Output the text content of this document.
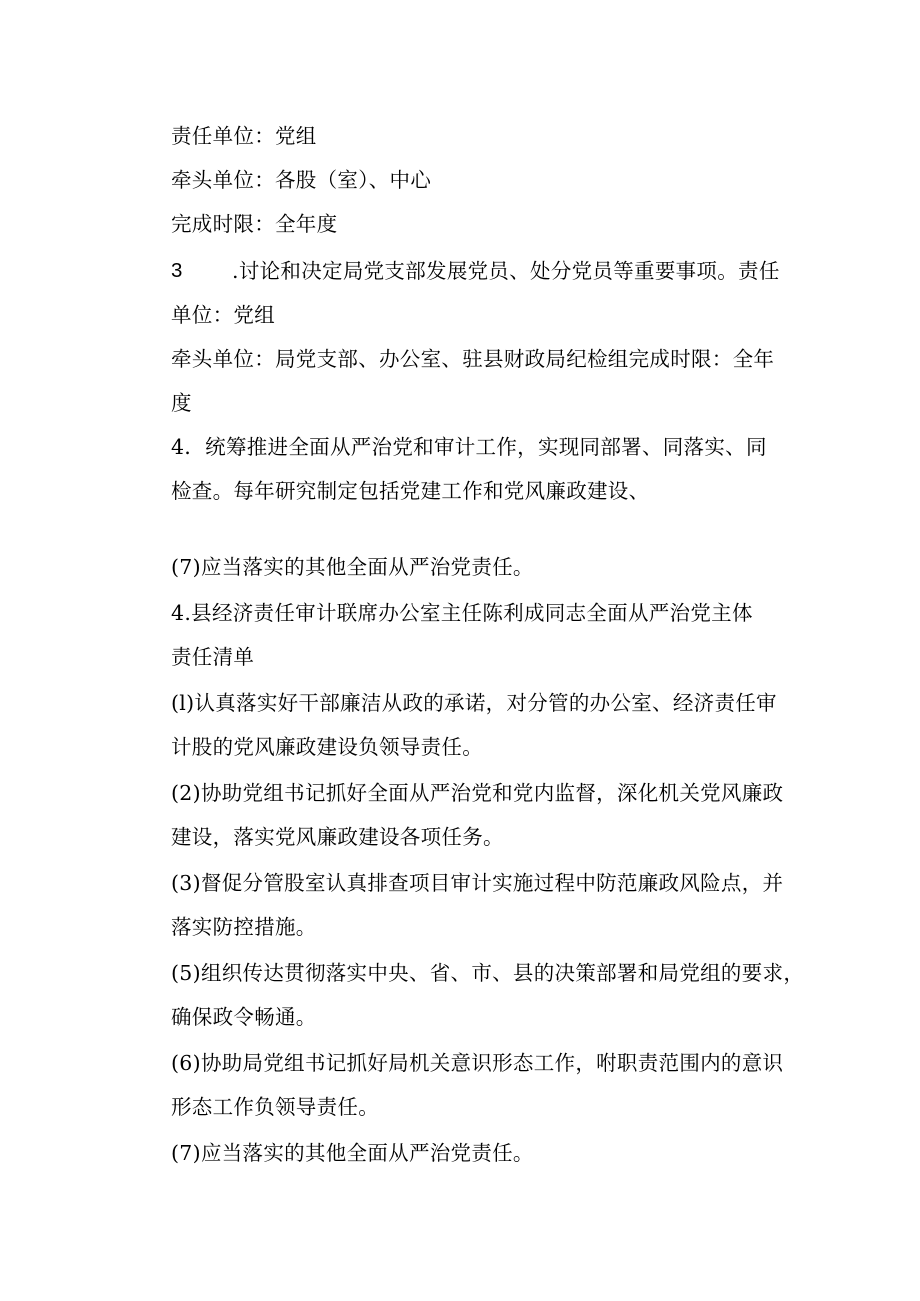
责任单位：党组
牵头单位：各股（室）、中心
完成时限：全年度
3 .讨论和决定局党支部发展党员、处分党员等重要事项。责任
单位：党组
牵头单位：局党支部、办公室、驻县财政局纪检组完成时限：全年
度
4．统筹推进全面从严治党和审计工作，实现同部署、同落实、同
检查。每年研究制定包括党建工作和党风廉政建设、
(7)应当落实的其他全面从严治党责任。
4.县经济责任审计联席办公室主任陈利成同志全面从严治党主体
责任清单
(l)认真落实好干部廉洁从政的承诺，对分管的办公室、经济责任审
计股的党风廉政建设负领导责任。
(2)协助党组书记抓好全面从严治党和党内监督，深化机关党风廉政
建设，落实党风廉政建设各项任务。
(3)督促分管股室认真排查项目审计实施过程中防范廉政风险点，并
落实防控措施。
(5)组织传达贯彻落实中央、省、市、县的决策部署和局党组的要求，
确保政令畅通。
(6)协助局党组书记抓好局机关意识形态工作，咐职责范围内的意识
形态工作负领导责任。
(7)应当落实的其他全面从严治党责任。
